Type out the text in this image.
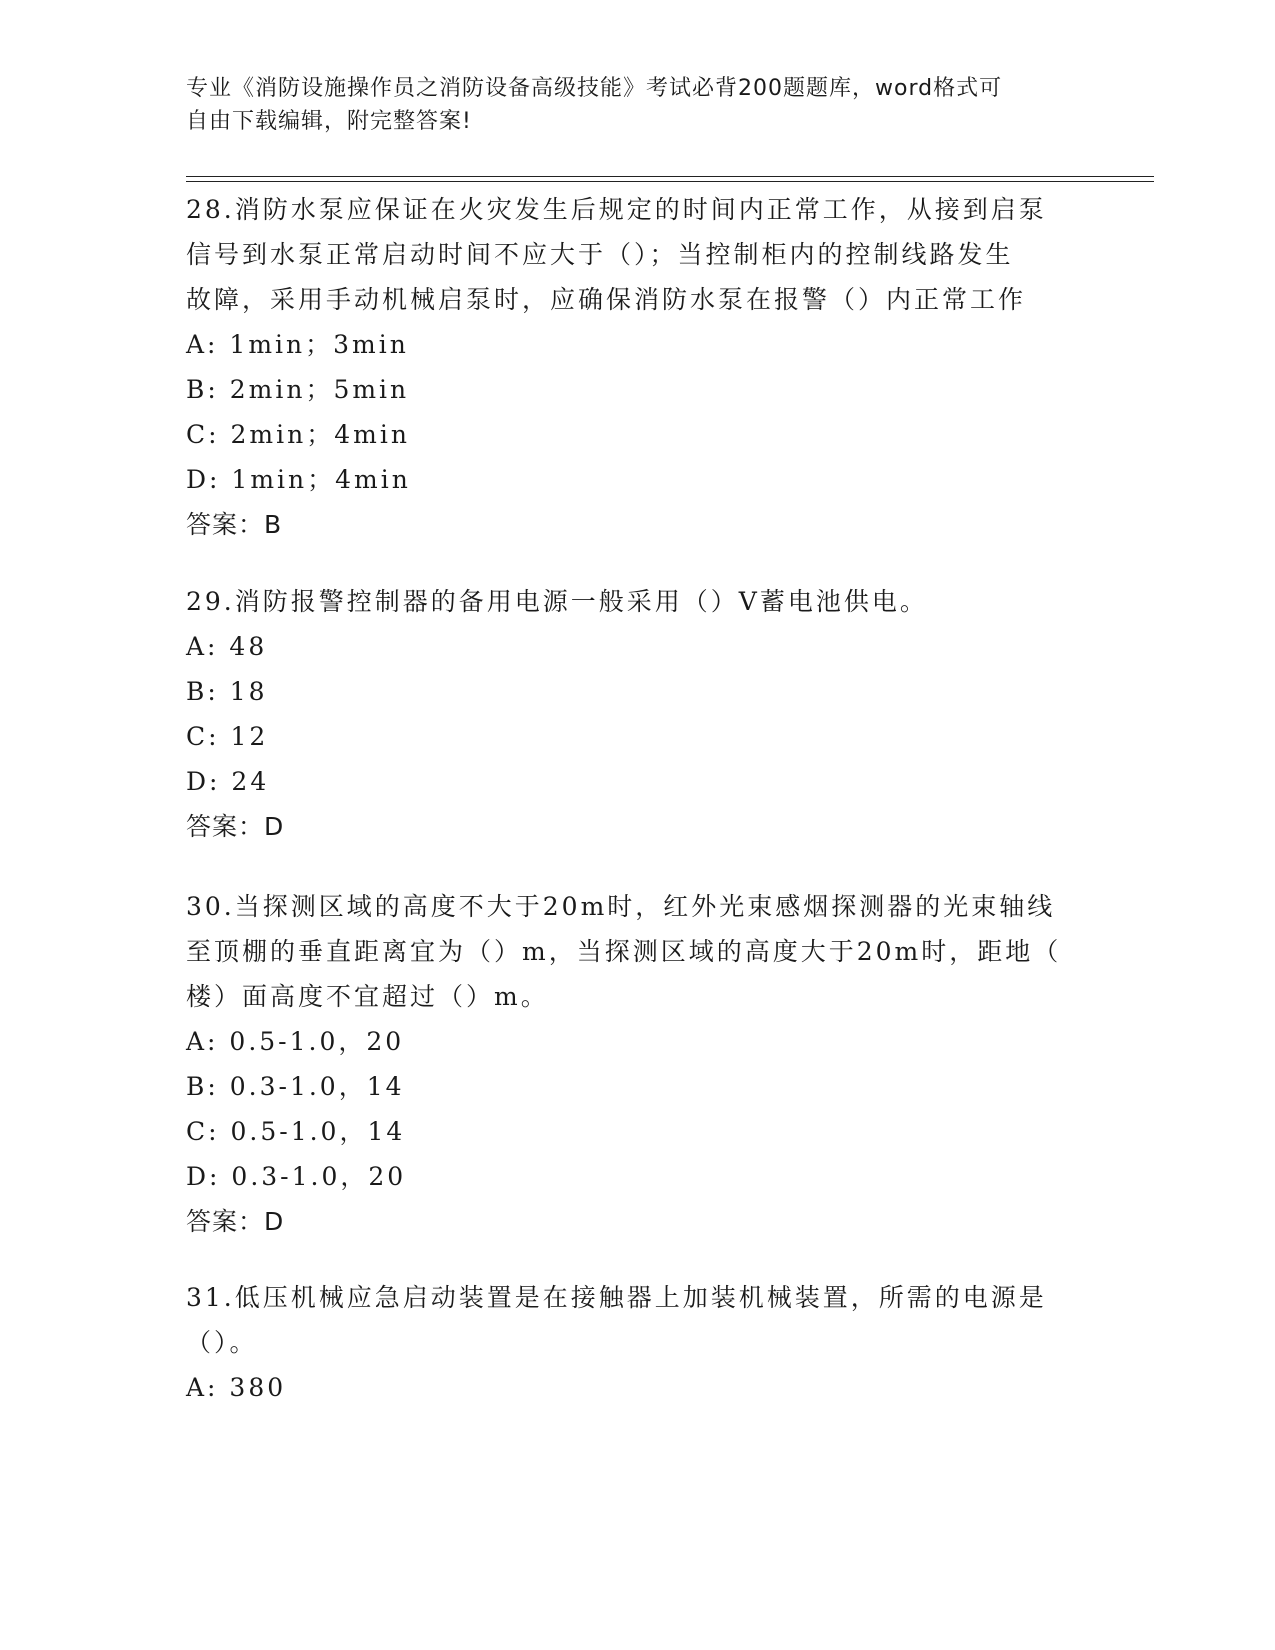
专业《消防设施操作员之消防设备高级技能》考试必背200题题库，word格式可

自由下载编辑，附完整答案!

28.消防水泵应保证在火灾发生后规定的时间内正常工作，从接到启泵

信号到水泵正常启动时间不应大于（）；当控制柜内的控制线路发生

故障，采用手动机械启泵时，应确保消防水泵在报警（）内正常工作

A: 1min；3min

B: 2min；5min

C: 2min；4min

D: 1min；4min

答案：B

29.消防报警控制器的备用电源一般采用（）V蓄电池供电。

A: 48

B: 18

C: 12

D: 24

答案：D

30.当探测区域的高度不大于20m时，红外光束感烟探测器的光束轴线

至顶棚的垂直距离宜为（）m，当探测区域的高度大于20m时，距地（

楼）面高度不宜超过（）m。

A: 0.5-1.0，20

B: 0.3-1.0，14

C: 0.5-1.0，14

D: 0.3-1.0，20

答案：D

31.低压机械应急启动装置是在接触器上加装机械装置，所需的电源是

（）。

A: 380
